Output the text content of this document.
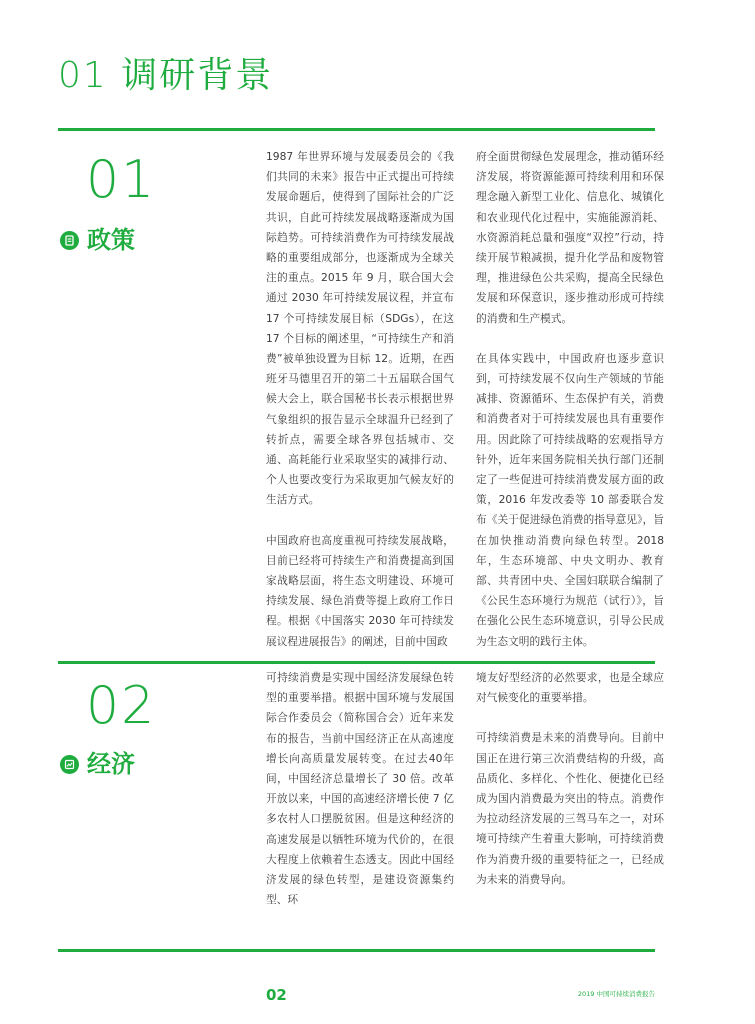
01 调研背景
01
政策

1987 年世界环境与发展委员会的《我们共同的未来》报告中正式提出可持续发展命题后，使得到了国际社会的广泛共识，自此可持续发展战略逐渐成为国际趋势。可持续消费作为可持续发展战略的重要组成部分，也逐渐成为全球关注的重点。2015 年 9 月，联合国大会通过 2030 年可持续发展议程，并宣布 17 个可持续发展目标（SDGs），在这 17 个目标的阐述里，“可持续生产和消费”被单独设置为目标 12。近期，在西班牙马德里召开的第二十五届联合国气候大会上，联合国秘书长表示根据世界气象组织的报告显示全球温升已经到了转折点，需要全球各界包括城市、交通、高耗能行业采取坚实的减排行动、个人也要改变行为采取更加气候友好的生活方式。

中国政府也高度重视可持续发展战略，目前已经将可持续生产和消费提高到国家战略层面，将生态文明建设、环境可持续发展、绿色消费等提上政府工作日程。根据《中国落实 2030 年可持续发展议程进展报告》的阐述，目前中国政

府全面贯彻绿色发展理念，推动循环经济发展，将资源能源可持续利用和环保理念融入新型工业化、信息化、城镇化和农业现代化过程中，实施能源消耗、水资源消耗总量和强度“双控”行动，持续开展节粮减损，提升化学品和废物管理，推进绿色公共采购，提高全民绿色发展和环保意识，逐步推动形成可持续的消费和生产模式。

在具体实践中，中国政府也逐步意识到，可持续发展不仅向生产领域的节能减排、资源循环、生态保护有关，消费和消费者对于可持续发展也具有重要作用。因此除了可持续战略的宏观指导方针外，近年来国务院相关执行部门还制定了一些促进可持续消费发展方面的政策，2016 年发改委等 10 部委联合发布《关于促进绿色消费的指导意见》，旨在加快推动消费向绿色转型。2018 年，生态环境部、中央文明办、教育部、共青团中央、全国妇联联合编制了《公民生态环境行为规范（试行）》，旨在强化公民生态环境意识，引导公民成为生态文明的践行主体。

02
经济

可持续消费是实现中国经济发展绿色转型的重要举措。根据中国环境与发展国际合作委员会（简称国合会）近年来发布的报告，当前中国经济正在从高速度增长向高质量发展转变。在过去40年间，中国经济总量增长了 30 倍。改革开放以来，中国的高速经济增长使 7 亿多农村人口摆脱贫困。但是这种经济的高速发展是以牺牲环境为代价的，在很大程度上依赖着生态透支。因此中国经济发展的绿色转型，是建设资源集约型、环

境友好型经济的必然要求，也是全球应对气候变化的重要举措。

可持续消费是未来的消费导向。目前中国正在进行第三次消费结构的升级，高品质化、多样化、个性化、便捷化已经成为国内消费最为突出的特点。消费作为拉动经济发展的三驾马车之一，对环境可持续产生着重大影响，可持续消费作为消费升级的重要特征之一，已经成为未来的消费导向。

02	2019 中国可持续消费报告
